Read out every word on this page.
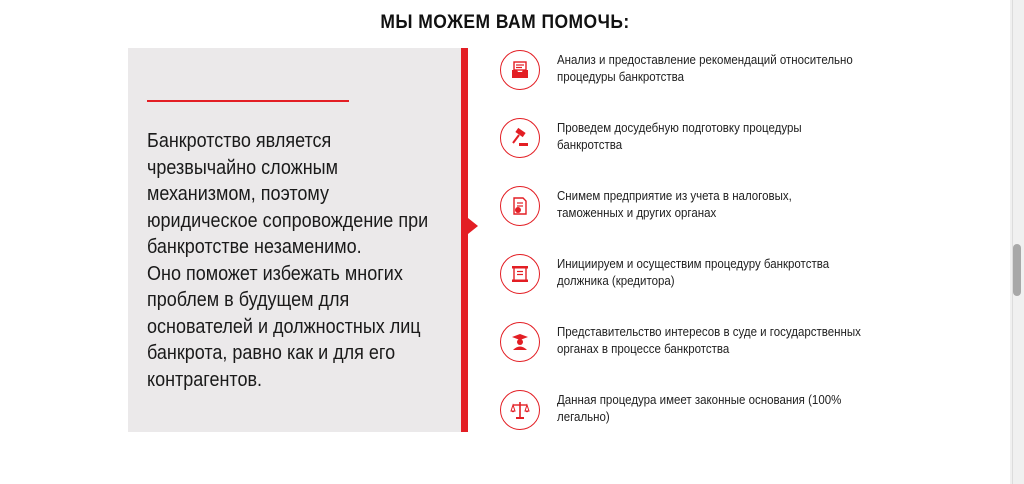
МЫ МОЖЕМ ВАМ ПОМОЧЬ:
Банкротство является
чрезвычайно сложным
механизмом, поэтому
юридическое сопровождение при
банкротстве незаменимо.
Оно поможет избежать многих
проблем в будущем для
основателей и должностных лиц
банкрота, равно как и для его
контрагентов.
Анализ и предоставление рекомендаций относительно
процедуры банкротства
Проведем досудебную подготовку процедуры
банкротства
Снимем предприятие из учета в налоговых,
таможенных и других органах
Инициируем и осуществим процедуру банкротства
должника (кредитора)
Представительство интересов в суде и государственных
органах в процессе банкротства
Данная процедура имеет законные основания (100%
легально)
